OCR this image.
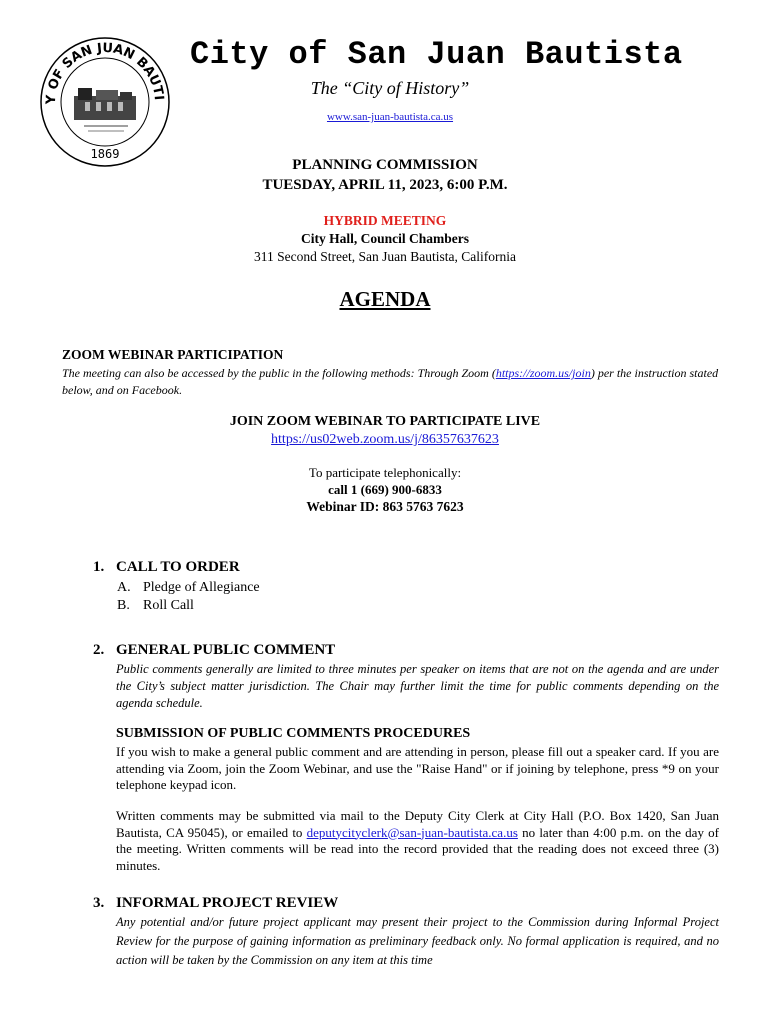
Y OF SAN JUAN BAUTI
1869
City of San Juan Bautista
The “City of History”
www.san-juan-bautista.ca.us
PLANNING COMMISSION
TUESDAY, APRIL 11, 2023, 6:00 P.M.
HYBRID MEETING
City Hall, Council Chambers
311 Second Street, San Juan Bautista, California
AGENDA
ZOOM WEBINAR PARTICIPATION
The meeting can also be accessed by the public in the following methods: Through Zoom (https://zoom.us/join) per the instruction stated below, and on Facebook.
JOIN ZOOM WEBINAR TO PARTICIPATE LIVE
https://us02web.zoom.us/j/86357637623
To participate telephonically:
call 1 (669) 900-6833
Webinar ID: 863 5763 7623
1. CALL TO ORDER
A. Pledge of Allegiance
B. Roll Call
2. GENERAL PUBLIC COMMENT
Public comments generally are limited to three minutes per speaker on items that are not on the agenda and are under the City’s subject matter jurisdiction. The Chair may further limit the time for public comments depending on the agenda schedule.
SUBMISSION OF PUBLIC COMMENTS PROCEDURES
If you wish to make a general public comment and are attending in person, please fill out a speaker card. If you are attending via Zoom, join the Zoom Webinar, and use the "Raise Hand" or if joining by telephone, press *9 on your telephone keypad icon.
Written comments may be submitted via mail to the Deputy City Clerk at City Hall (P.O. Box 1420, San Juan Bautista, CA 95045), or emailed to deputycityclerk@san-juan-bautista.ca.us no later than 4:00 p.m. on the day of the meeting. Written comments will be read into the record provided that the reading does not exceed three (3) minutes.
3. INFORMAL PROJECT REVIEW
Any potential and/or future project applicant may present their project to the Commission during Informal Project Review for the purpose of gaining information as preliminary feedback only. No formal application is required, and no action will be taken by the Commission on any item at this time
